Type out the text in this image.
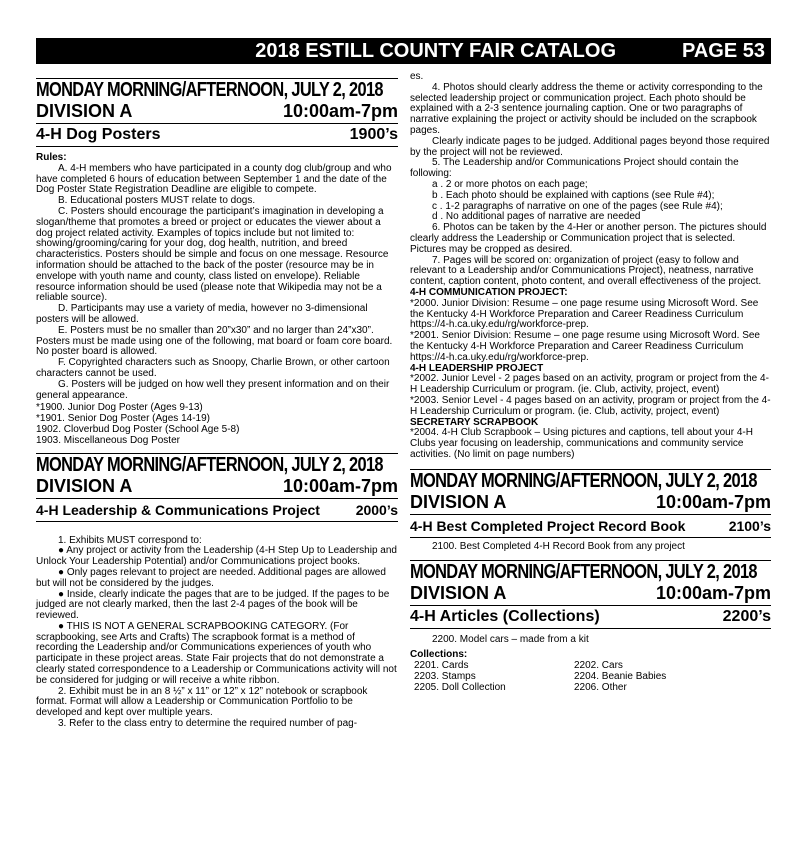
2018 ESTILL COUNTY FAIR CATALOG	PAGE 53
MONDAY MORNING/AFTERNOON, JULY 2, 2018
DIVISION A	10:00am-7pm
4-H Dog Posters	1900’s
Rules:
A. 4-H members who have participated in a county dog club/group and who have completed 6 hours of education between September 1 and the date of the Dog Poster State Registration Deadline are eligible to compete.
B. Educational posters MUST relate to dogs.
C. Posters should encourage the participant’s imagination in developing a slogan/theme that promotes a breed or project or educates the viewer about a dog project related activity. Examples of topics include but not limited to: showing/grooming/caring for your dog, dog health, nutrition, and breed characteristics. Posters should be simple and focus on one message. Resource information should be attached to the back of the poster (resource may be in envelope with youth name and county, class listed on envelope). Reliable resource information should be used (please note that Wikipedia may not be a reliable source).
D. Participants may use a variety of media, however no 3-dimensional posters will be allowed.
E. Posters must be no smaller than 20”x30” and no larger than 24”x30”. Posters must be made using one of the following, mat board or foam core board. No poster board is allowed.
F. Copyrighted characters such as Snoopy, Charlie Brown, or other cartoon characters cannot be used.
G. Posters will be judged on how well they present information and on their general appearance.
*1900. Junior Dog Poster (Ages 9-13)
*1901. Senior Dog Poster (Ages 14-19)
1902. Cloverbud Dog Poster (School Age 5-8)
1903. Miscellaneous Dog Poster
MONDAY MORNING/AFTERNOON, JULY 2, 2018
DIVISION A	10:00am-7pm
4-H Leadership & Communications Project	2000’s
1. Exhibits MUST correspond to:
● Any project or activity from the Leadership (4-H Step Up to Leadership and Unlock Your Leadership Potential) and/or Communications project books.
● Only pages relevant to project are needed. Additional pages are allowed but will not be considered by the judges.
● Inside, clearly indicate the pages that are to be judged. If the pages to be judged are not clearly marked, then the last 2-4 pages of the book will be reviewed.
● THIS IS NOT A GENERAL SCRAPBOOKING CATEGORY. (For scrapbooking, see Arts and Crafts) The scrapbook format is a method of recording the Leadership and/or Communications experiences of youth who participate in these project areas. State Fair projects that do not demonstrate a clearly stated correspondence to a Leadership or Communications activity will not be considered for judging or will receive a white ribbon.
2. Exhibit must be in an 8 ½” x 11” or 12” x 12” notebook or scrapbook format. Format will allow a Leadership or Communication Portfolio to be developed and kept over multiple years.
3. Refer to the class entry to determine the required number of pag-
es.
4. Photos should clearly address the theme or activity corresponding to the selected leadership project or communication project. Each photo should be explained with a 2-3 sentence journaling caption. One or two paragraphs of narrative explaining the project or activity should be included on the scrapbook pages.
Clearly indicate pages to be judged. Additional pages beyond those required by the project will not be reviewed.
5. The Leadership and/or Communications Project should contain the following:
a . 2 or more photos on each page;
b . Each photo should be explained with captions (see Rule #4);
c . 1-2 paragraphs of narrative on one of the pages (see Rule #4);
d . No additional pages of narrative are needed
6. Photos can be taken by the 4-Her or another person. The pictures should clearly address the Leadership or Communication project that is selected. Pictures may be cropped as desired.
7. Pages will be scored on: organization of project (easy to follow and relevant to a Leadership and/or Communications Project), neatness, narrative content, caption content, photo content, and overall effectiveness of the project.
4-H COMMUNICATION PROJECT:
*2000. Junior Division: Resume – one page resume using Microsoft Word. See the Kentucky 4-H Workforce Preparation and Career Readiness Curriculum https://4-h.ca.uky.edu/rg/workforce-prep.
*2001. Senior Division: Resume – one page resume using Microsoft Word. See the Kentucky 4-H Workforce Preparation and Career Readiness Curriculum https://4-h.ca.uky.edu/rg/workforce-prep.
4-H LEADERSHIP PROJECT
*2002. Junior Level - 2 pages based on an activity, program or project from the 4-H Leadership Curriculum or program. (ie. Club, activity, project, event)
*2003. Senior Level - 4 pages based on an activity, program or project from the 4-H Leadership Curriculum or program. (ie. Club, activity, project, event)
SECRETARY SCRAPBOOK
*2004. 4-H Club Scrapbook – Using pictures and captions, tell about your 4-H Clubs year focusing on leadership, communications and community service activities. (No limit on page numbers)
MONDAY MORNING/AFTERNOON, JULY 2, 2018
DIVISION A	10:00am-7pm
4-H Best Completed Project Record Book	2100’s
2100. Best Completed 4-H Record Book from any project
MONDAY MORNING/AFTERNOON, JULY 2, 2018
DIVISION A	10:00am-7pm
4-H Articles (Collections)	2200’s
2200. Model cars – made from a kit
Collections:
2201. Cards	2202. Cars
2203. Stamps	2204. Beanie Babies
2205. Doll Collection	2206. Other
